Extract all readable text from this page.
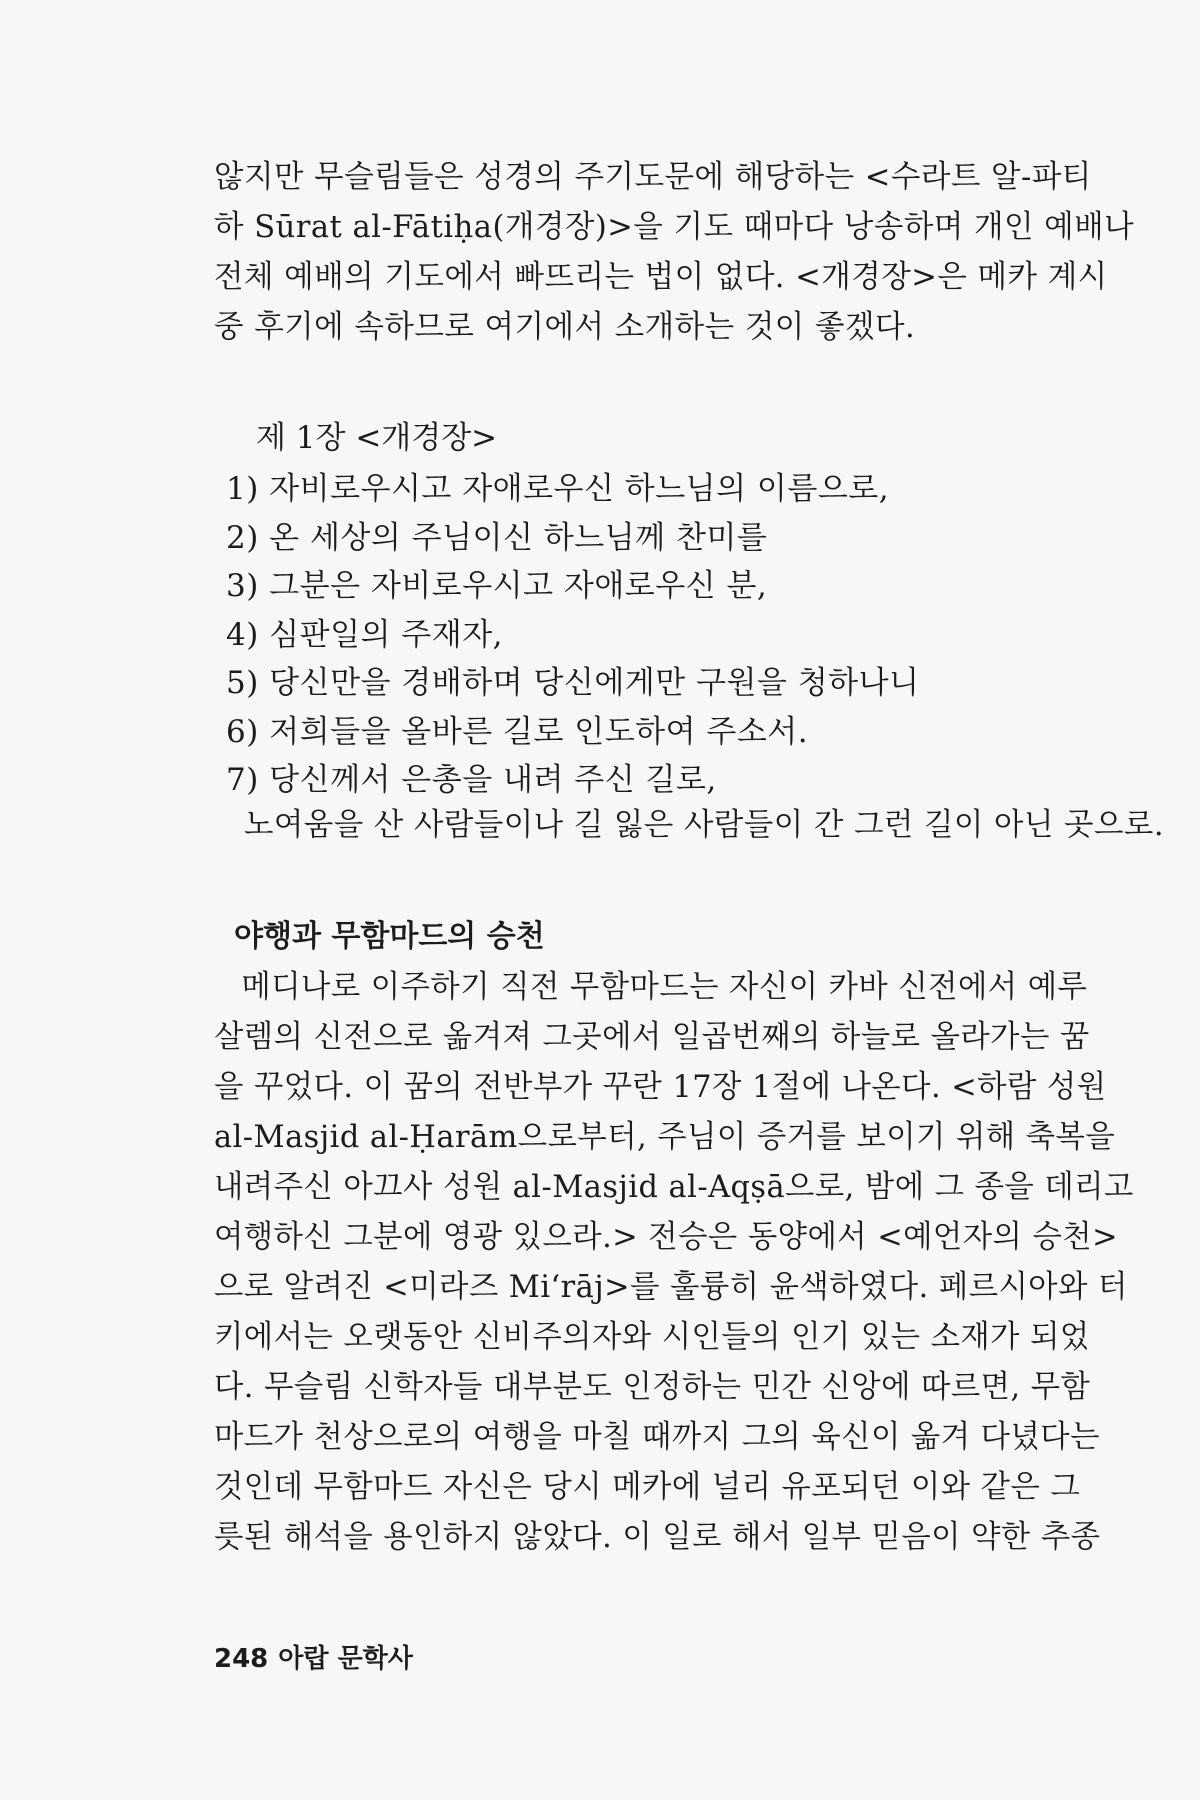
않지만 무슬림들은 성경의 주기도문에 해당하는 <수라트 알-파티

하 Sūrat al-Fātiḥa(개경장)>을 기도 때마다 낭송하며 개인 예배나

전체 예배의 기도에서 빠뜨리는 법이 없다. <개경장>은 메카 계시

중 후기에 속하므로 여기에서 소개하는 것이 좋겠다.

제 1장 <개경장>
1) 자비로우시고 자애로우신 하느님의 이름으로,
2) 온 세상의 주님이신 하느님께 찬미를
3) 그분은 자비로우시고 자애로우신 분,
4) 심판일의 주재자,
5) 당신만을 경배하며 당신에게만 구원을 청하나니
6) 저희들을 올바른 길로 인도하여 주소서.
7) 당신께서 은총을 내려 주신 길로,

노여움을 산 사람들이나 길 잃은 사람들이 간 그런 길이 아닌 곳으로.

야행과 무함마드의 승천

메디나로 이주하기 직전 무함마드는 자신이 카바 신전에서 예루

살렘의 신전으로 옮겨져 그곳에서 일곱번째의 하늘로 올라가는 꿈

을 꾸었다. 이 꿈의 전반부가 꾸란 17장 1절에 나온다. <하람 성원

al-Masjid al-Ḥarām으로부터, 주님이 증거를 보이기 위해 축복을

내려주신 아끄사 성원 al-Masjid al-Aqṣā으로, 밤에 그 종을 데리고

여행하신 그분에 영광 있으라.> 전승은 동양에서 <예언자의 승천>

으로 알려진 <미라즈 Mi‘rāj>를 훌륭히 윤색하였다. 페르시아와 터

키에서는 오랫동안 신비주의자와 시인들의 인기 있는 소재가 되었

다. 무슬림 신학자들 대부분도 인정하는 민간 신앙에 따르면, 무함

마드가 천상으로의 여행을 마칠 때까지 그의 육신이 옮겨 다녔다는

것인데 무함마드 자신은 당시 메카에 널리 유포되던 이와 같은 그

릇된 해석을 용인하지 않았다. 이 일로 해서 일부 믿음이 약한 추종

248 아랍 문학사
